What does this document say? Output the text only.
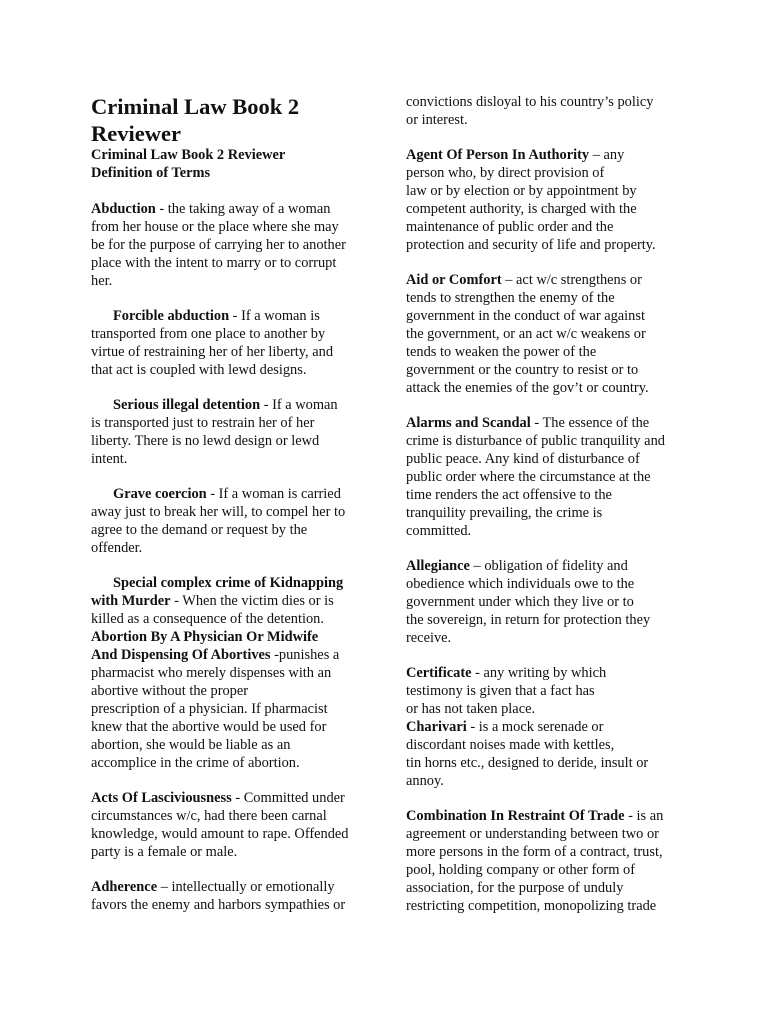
Criminal Law Book 2
Reviewer
Criminal Law Book 2 Reviewer
Definition of Terms
Abduction - the taking away of a woman
from her house or the place where she may
be for the purpose of carrying her to another
place with the intent to marry or to corrupt
her.
Forcible abduction - If a woman is
transported from one place to another by
virtue of restraining her of her liberty, and
that act is coupled with lewd designs.
Serious illegal detention - If a woman
is transported just to restrain her of her
liberty. There is no lewd design or lewd
intent.
Grave coercion - If a woman is carried
away just to break her will, to compel her to
agree to the demand or request by the
offender.
Special complex crime of Kidnapping
with Murder - When the victim dies or is
killed as a consequence of the detention.
Abortion By A Physician Or Midwife
And Dispensing Of Abortives -punishes a
pharmacist who merely dispenses with an
abortive without the proper
prescription of a physician. If pharmacist
knew that the abortive would be used for
abortion, she would be liable as an
accomplice in the crime of abortion.
Acts Of Lasciviousness - Committed under
circumstances w/c, had there been carnal
knowledge, would amount to rape. Offended
party is a female or male.
Adherence – intellectually or emotionally
favors the enemy and harbors sympathies or
convictions disloyal to his country’s policy
or interest.
Agent Of Person In Authority – any
person who, by direct provision of
law or by election or by appointment by
competent authority, is charged with the
maintenance of public order and the
protection and security of life and property.
Aid or Comfort – act w/c strengthens or
tends to strengthen the enemy of the
government in the conduct of war against
the government, or an act w/c weakens or
tends to weaken the power of the
government or the country to resist or to
attack the enemies of the gov’t or country.
Alarms and Scandal - The essence of the
crime is disturbance of public tranquility and
public peace. Any kind of disturbance of
public order where the circumstance at the
time renders the act offensive to the
tranquility prevailing, the crime is
committed.
Allegiance – obligation of fidelity and
obedience which individuals owe to the
government under which they live or to
the sovereign, in return for protection they
receive.
Certificate - any writing by which
testimony is given that a fact has
or has not taken place.
Charivari - is a mock serenade or
discordant noises made with kettles,
tin horns etc., designed to deride, insult or
annoy.
Combination In Restraint Of Trade - is an
agreement or understanding between two or
more persons in the form of a contract, trust,
pool, holding company or other form of
association, for the purpose of unduly
restricting competition, monopolizing trade
